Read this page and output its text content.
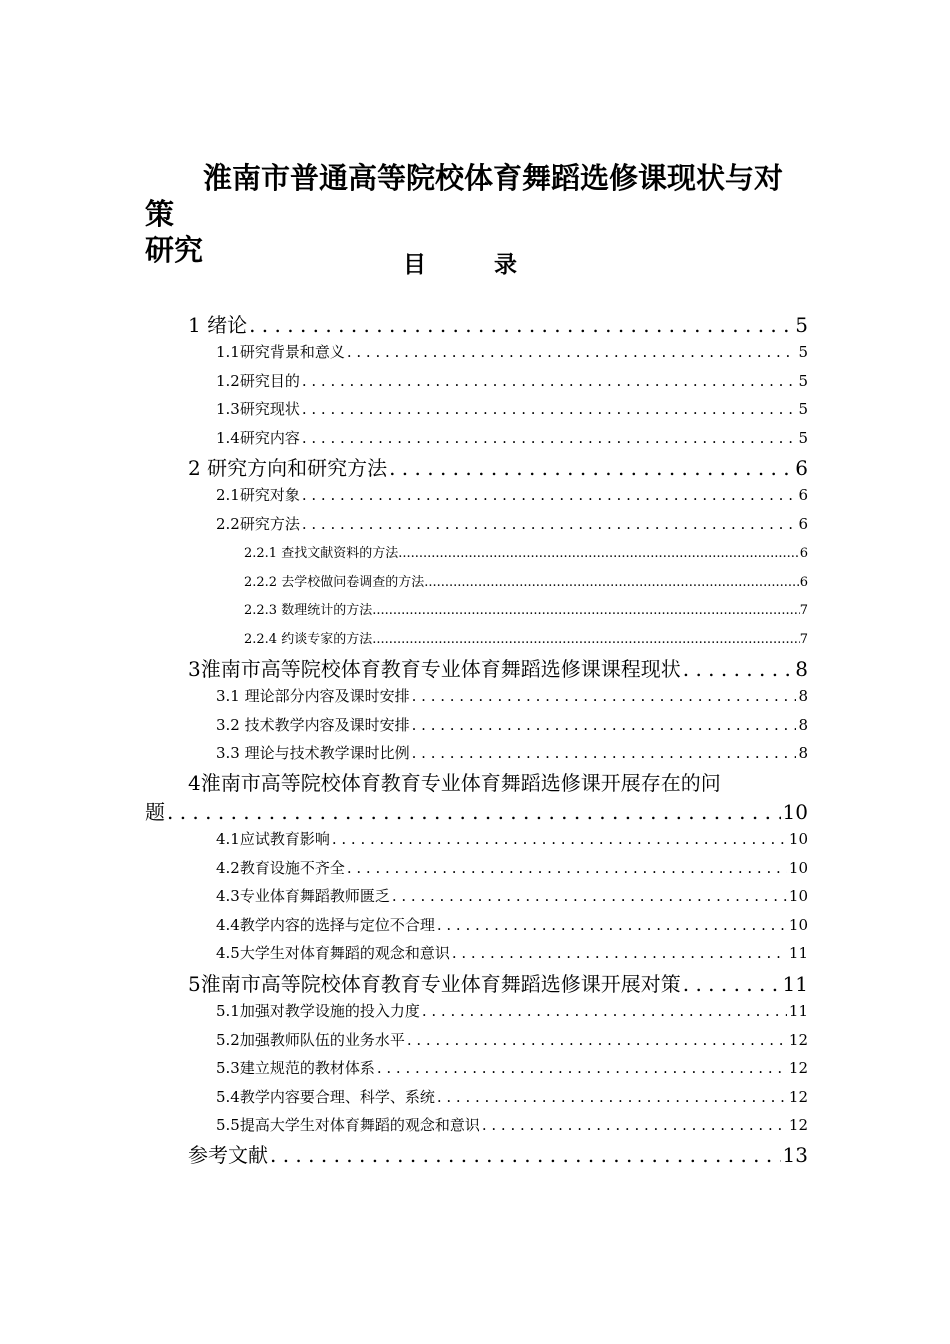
淮南市普通高等院校体育舞蹈选修课现状与对策
研究	目 录
1 绪论 . . .	5
1.1研究背景和意义 . . .	5
1.2研究目的 . . .	5
1.3研究现状 . . .	5
1.4研究内容 . . .	5
2 研究方向和研究方法 . . .	6
2.1研究对象 . . .	6
2.2研究方法 . . .	6
2.2.1 查找文献资料的方法 .....	6
2.2.2 去学校做问卷调查的方法 .....	6
2.2.3 数理统计的方法 .....	7
2.2.4 约谈专家的方法 .....	7
3淮南市高等院校体育教育专业体育舞蹈选修课课程现状 . . .	8
3.1 理论部分内容及课时安排 . . .	8
3.2 技术教学内容及课时安排 . . .	8
3.3 理论与技术教学课时比例 . . .	8
4淮南市高等院校体育教育专业体育舞蹈选修课开展存在的问
题 . . .	10
4.1应试教育影响 . . .	10
4.2教育设施不齐全 . . .	10
4.3专业体育舞蹈教师匮乏 . . .	10
4.4教学内容的选择与定位不合理 . . .	10
4.5大学生对体育舞蹈的观念和意识 . . .	11
5淮南市高等院校体育教育专业体育舞蹈选修课开展对策 . . .	11
5.1加强对教学设施的投入力度 . . .	11
5.2加强教师队伍的业务水平 . . .	12
5.3建立规范的教材体系 . . .	12
5.4教学内容要合理、科学、系统 . . .	12
5.5提高大学生对体育舞蹈的观念和意识 . . .	12
参考文献 . . .	13
